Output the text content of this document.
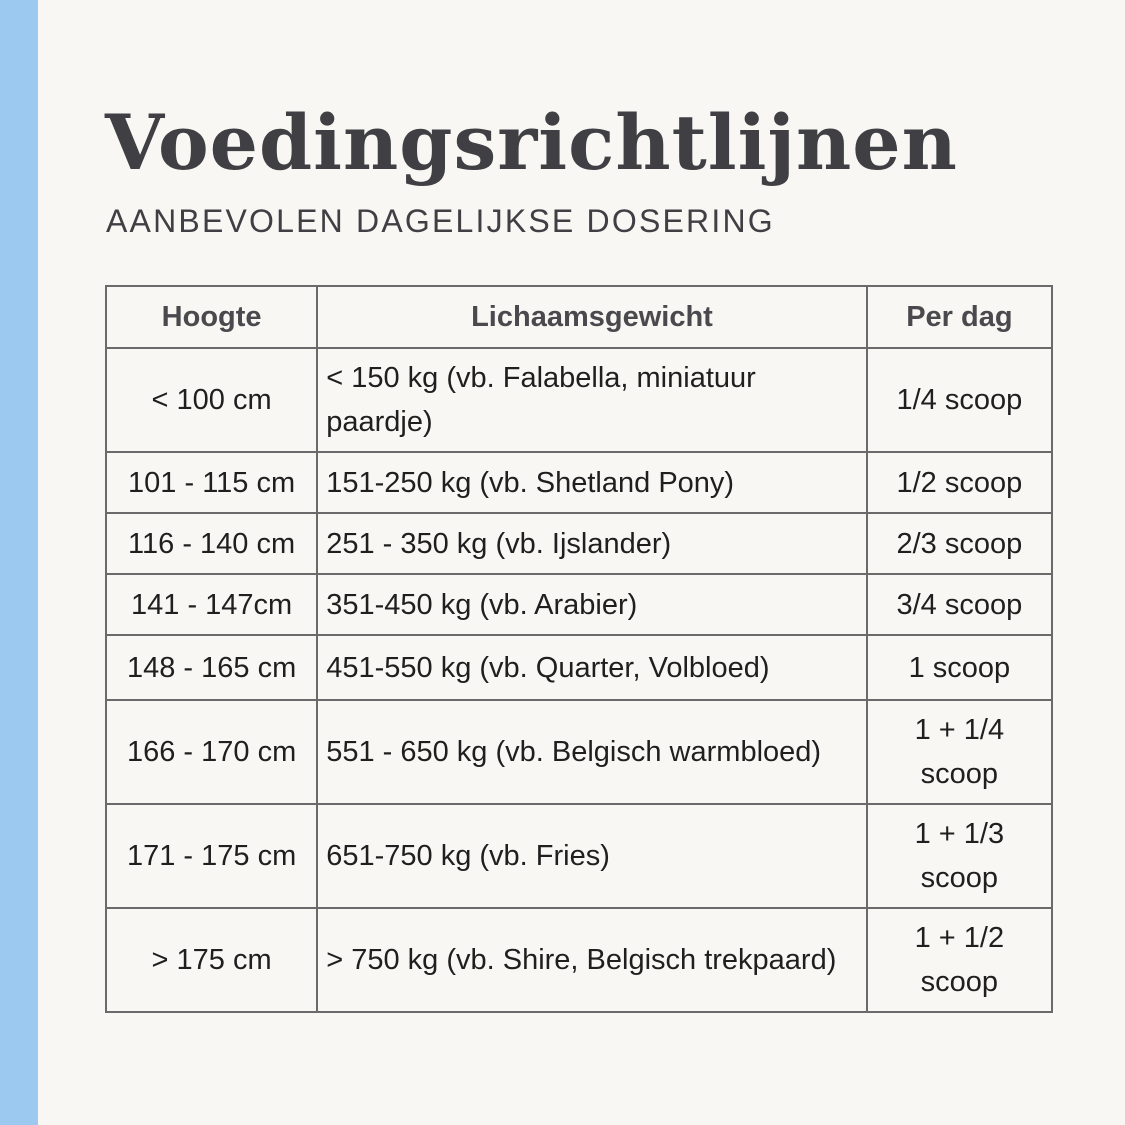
Voedingsrichtlijnen
AANBEVOLEN DAGELIJKSE DOSERING
Hoogte	Lichaamsgewicht	Per dag
< 100 cm	< 150 kg (vb. Falabella, miniatuur paardje)	1/4 scoop
101 - 115 cm	151-250 kg (vb. Shetland Pony)	1/2 scoop
116 - 140 cm	251 - 350 kg (vb. Ijslander)	2/3 scoop
141 - 147cm	351-450 kg (vb. Arabier)	3/4 scoop
148 - 165 cm	451-550 kg (vb. Quarter, Volbloed)	1 scoop
166 - 170 cm	551 - 650 kg (vb. Belgisch warmbloed)	1 + 1/4 scoop
171 - 175 cm	651-750 kg (vb. Fries)	1 + 1/3 scoop
> 175 cm	> 750 kg (vb. Shire, Belgisch trekpaard)	1 + 1/2 scoop
